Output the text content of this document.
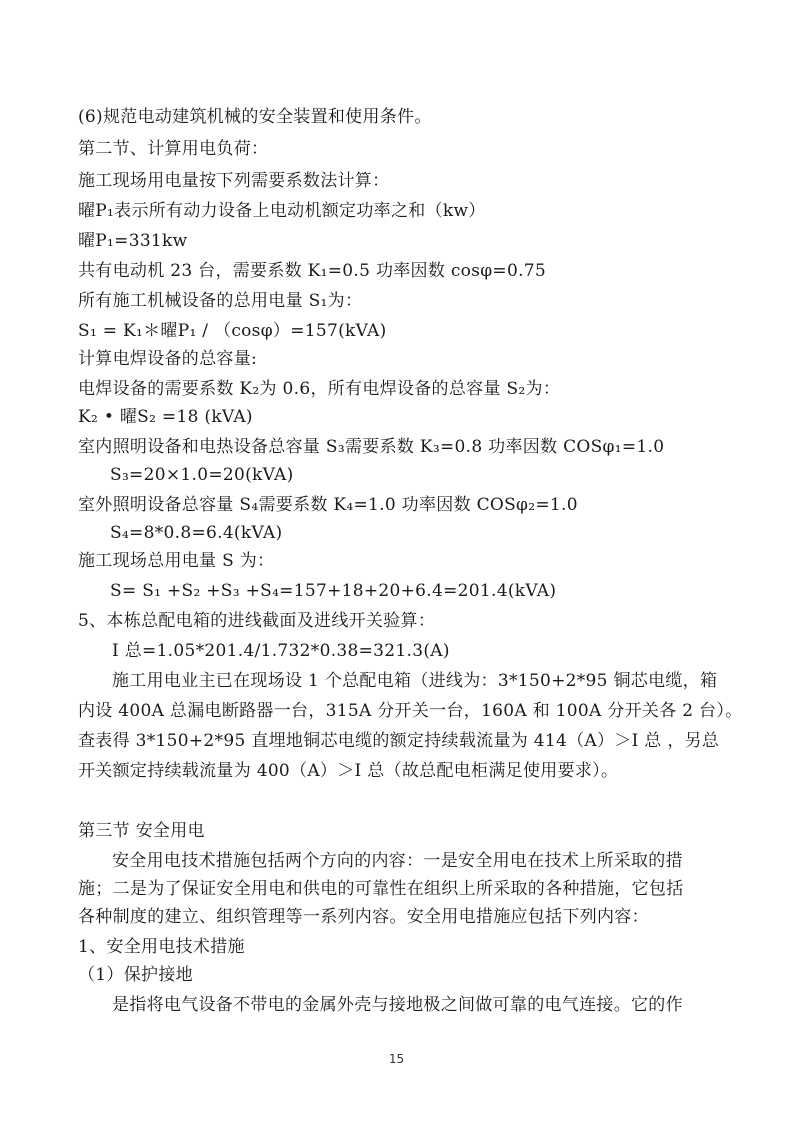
(6)规范电动建筑机械的安全装置和使用条件。
第二节、计算用电负荷：
施工现场用电量按下列需要系数法计算：
曜P₁表示所有动力设备上电动机额定功率之和（kw）
曜P₁=331kw
共有电动机 23 台，需要系数 K₁=0.5 功率因数 cosφ=0.75
所有施工机械设备的总用电量 S₁为：
S₁ = K₁＊曜P₁ / （cosφ）=157(kVA)
计算电焊设备的总容量:
电焊设备的需要系数 K₂为 0.6，所有电焊设备的总容量 S₂为：
K₂ • 曜S₂ =18 (kVA)
室内照明设备和电热设备总容量 S₃需要系数 K₃=0.8 功率因数 COSφ₁=1.0
S₃=20×1.0=20(kVA)
室外照明设备总容量 S₄需要系数 K₄=1.0 功率因数 COSφ₂=1.0
S₄=8*0.8=6.4(kVA)
施工现场总用电量 S 为：
S= S₁ +S₂ +S₃ +S₄=157+18+20+6.4=201.4(kVA)
5、本栋总配电箱的进线截面及进线开关验算：
I 总=1.05*201.4/1.732*0.38=321.3(A)
施工用电业主已在现场设 1 个总配电箱（进线为：3*150+2*95 铜芯电缆，箱
内设 400A 总漏电断路器一台，315A 分开关一台，160A 和 100A 分开关各 2 台）。
查表得 3*150+2*95 直埋地铜芯电缆的额定持续载流量为 414（A）＞I 总 ，另总
开关额定持续载流量为 400（A）＞I 总（故总配电柜满足使用要求）。
第三节 安全用电
安全用电技术措施包括两个方向的内容：一是安全用电在技术上所采取的措
施；二是为了保证安全用电和供电的可靠性在组织上所采取的各种措施，它包括
各种制度的建立、组织管理等一系列内容。安全用电措施应包括下列内容：
1、安全用电技术措施
（1）保护接地
是指将电气设备不带电的金属外壳与接地极之间做可靠的电气连接。它的作
15
